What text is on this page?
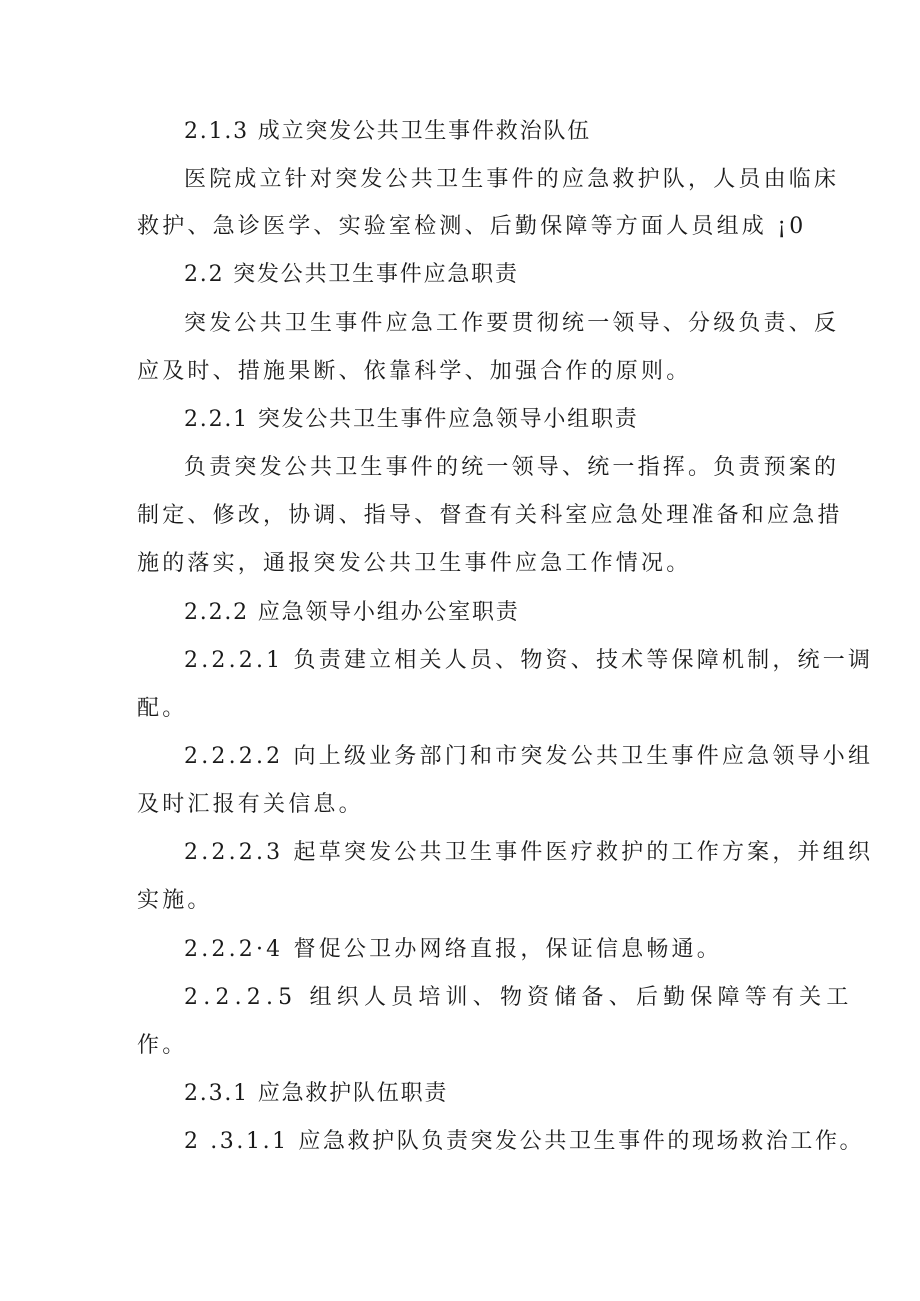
2.1.3 成立突发公共卫生事件救治队伍
医院成立针对突发公共卫生事件的应急救护队，人员由临床
救护、急诊医学、实验室检测、后勤保障等方面人员组成 ¡0
2.2 突发公共卫生事件应急职责
突发公共卫生事件应急工作要贯彻统一领导、分级负责、反
应及时、措施果断、依靠科学、加强合作的原则。
2.2.1 突发公共卫生事件应急领导小组职责
负责突发公共卫生事件的统一领导、统一指挥。负责预案的
制定、修改，协调、指导、督查有关科室应急处理准备和应急措
施的落实，通报突发公共卫生事件应急工作情况。
2.2.2 应急领导小组办公室职责
2.2.2.1 负责建立相关人员、物资、技术等保障机制，统一调
配。
2.2.2.2 向上级业务部门和市突发公共卫生事件应急领导小组
及时汇报有关信息。
2.2.2.3 起草突发公共卫生事件医疗救护的工作方案，并组织
实施。
2.2.2·4 督促公卫办网络直报，保证信息畅通。
2.2.2.5 组织人员培训、物资储备、后勤保障等有关工
作。
2.3.1 应急救护队伍职责
2 .3.1.1 应急救护队负责突发公共卫生事件的现场救治工作。
